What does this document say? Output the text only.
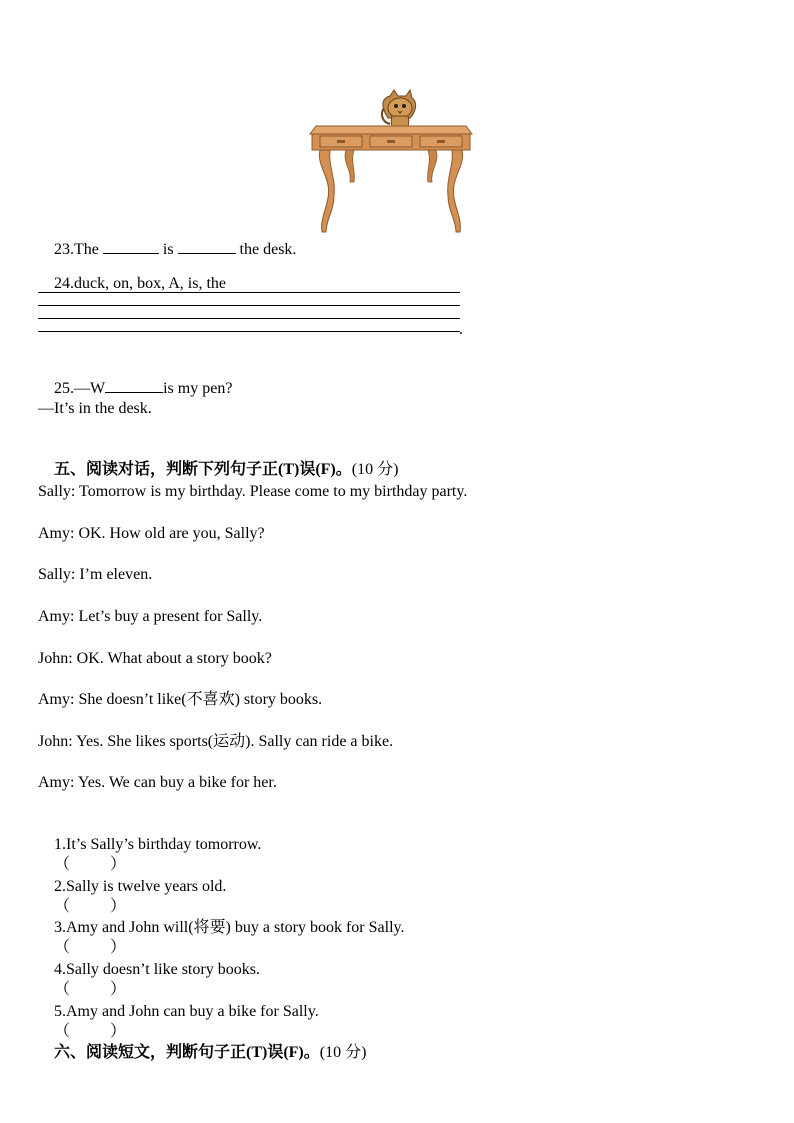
23.The	is	the desk.

24.duck, on, box, A, is, the

.

25.—W	is my pen?

—It’s in the desk.

五、阅读对话，判断下列句子正(T)误(F)。(10 分)

Sally: Tomorrow is my birthday. Please come to my birthday party.
Amy: OK. How old are you, Sally?
Sally: I’m eleven.
Amy: Let’s buy a present for Sally.
John: OK. What about a story book?
Amy: She doesn’t like(不喜欢) story books.
John: Yes. She likes sports(运动). Sally can ride a bike.
Amy: Yes. We can buy a bike for her.

1.It’s Sally’s birthday tomorrow.
（	）

2.Sally is twelve years old.
（	）

3.Amy and John will(将要) buy a story book for Sally.
（	）

4.Sally doesn’t like story books.
（	）

5.Amy and John can buy a bike for Sally.
（	）

六、阅读短文，判断句子正(T)误(F)。(10 分)
